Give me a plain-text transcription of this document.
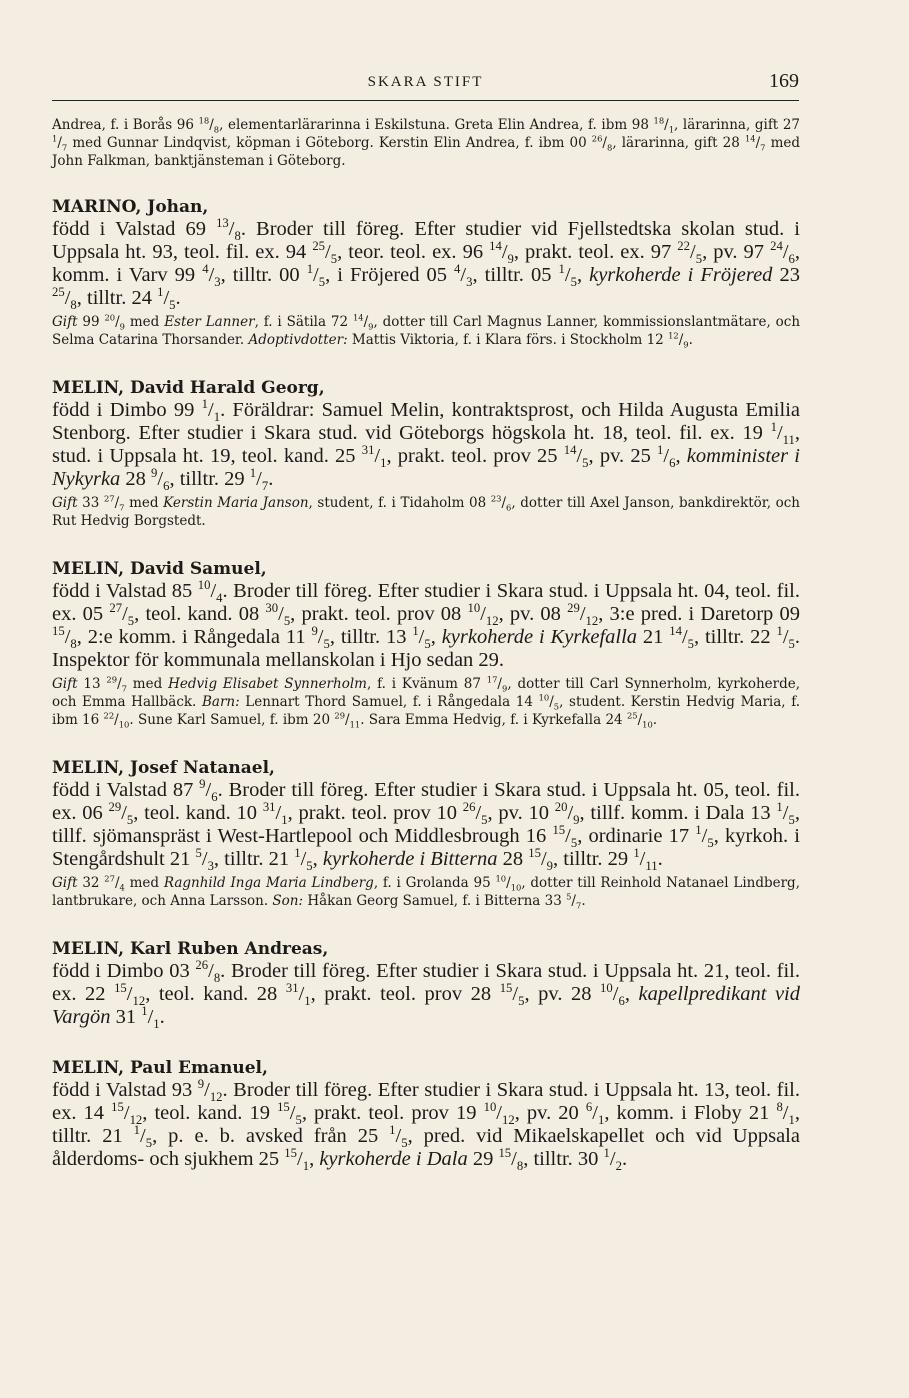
SKARA STIFT	169

Andrea, f. i Borås 96 $^{18}/_8$, elementarlärarinna i Eskilstuna. Greta Elin Andrea, f. ibm 98 $^{18}/_1$, lärarinna, gift 27 $^1/_7$ med Gunnar Lindqvist, köpman i Göteborg. Kerstin Elin Andrea, f. ibm 00 $^{26}/_8$, lärarinna, gift 28 $^{14}/_7$ med John Falkman, banktjänsteman i Göteborg.

MARINO, Johan,

född i Valstad 69 $^{13}/_8$. Broder till föreg. Efter studier vid Fjellstedtska skolan stud. i Uppsala ht. 93, teol. fil. ex. 94 $^{25}/_5$, teor. teol. ex. 96 $^{14}/_9$, prakt. teol. ex. 97 $^{22}/_5$, pv. 97 $^{24}/_6$, komm. i Varv 99 $^4/_3$, tilltr. 00 $^1/_5$, i Fröjered 05 $^4/_3$, tilltr. 05 $^1/_5$, kyrkoherde i Fröjered 23 $^{25}/_8$, tilltr. 24 $^1/_5$.

Gift 99 $^{20}/_9$ med Ester Lanner, f. i Sätila 72 $^{14}/_9$, dotter till Carl Magnus Lanner, kommissionslantmätare, och Selma Catarina Thorsander. Adoptivdotter: Mattis Viktoria, f. i Klara förs. i Stockholm 12 $^{12}/_9$.

MELIN, David Harald Georg,

född i Dimbo 99 $^1/_1$. Föräldrar: Samuel Melin, kontraktsprost, och Hilda Augusta Emilia Stenborg. Efter studier i Skara stud. vid Göteborgs högskola ht. 18, teol. fil. ex. 19 $^1/_{11}$, stud. i Uppsala ht. 19, teol. kand. 25 $^{31}/_1$, prakt. teol. prov 25 $^{14}/_5$, pv. 25 $^1/_6$, komminister i Nykyrka 28 $^9/_6$, tilltr. 29 $^1/_7$.

Gift 33 $^{27}/_7$ med Kerstin Maria Janson, student, f. i Tidaholm 08 $^{23}/_6$, dotter till Axel Janson, bankdirektör, och Rut Hedvig Borgstedt.

MELIN, David Samuel,

född i Valstad 85 $^{10}/_4$. Broder till föreg. Efter studier i Skara stud. i Uppsala ht. 04, teol. fil. ex. 05 $^{27}/_5$, teol. kand. 08 $^{30}/_5$, prakt. teol. prov 08 $^{10}/_{12}$, pv. 08 $^{29}/_{12}$, 3:e pred. i Daretorp 09 $^{15}/_8$, 2:e komm. i Rångedala 11 $^9/_5$, tilltr. 13 $^1/_5$, kyrkoherde i Kyrkefalla 21 $^{14}/_5$, tilltr. 22 $^1/_5$. Inspektor för kommunala mellanskolan i Hjo sedan 29.

Gift 13 $^{29}/_7$ med Hedvig Elisabet Synnerholm, f. i Kvänum 87 $^{17}/_9$, dotter till Carl Synnerholm, kyrkoherde, och Emma Hallbäck. Barn: Lennart Thord Samuel, f. i Rångedala 14 $^{10}/_5$, student. Kerstin Hedvig Maria, f. ibm 16 $^{22}/_{10}$. Sune Karl Samuel, f. ibm 20 $^{29}/_{11}$. Sara Emma Hedvig, f. i Kyrkefalla 24 $^{25}/_{10}$.

MELIN, Josef Natanael,

född i Valstad 87 $^9/_6$. Broder till föreg. Efter studier i Skara stud. i Uppsala ht. 05, teol. fil. ex. 06 $^{29}/_5$, teol. kand. 10 $^{31}/_1$, prakt. teol. prov 10 $^{26}/_5$, pv. 10 $^{20}/_9$, tillf. komm. i Dala 13 $^1/_5$, tillf. sjömanspräst i West-Hartlepool och Middlesbrough 16 $^{15}/_5$, ordinarie 17 $^1/_5$, kyrkoh. i Stengårdshult 21 $^5/_3$, tilltr. 21 $^1/_5$, kyrkoherde i Bitterna 28 $^{15}/_9$, tilltr. 29 $^1/_{11}$.

Gift 32 $^{27}/_4$ med Ragnhild Inga Maria Lindberg, f. i Grolanda 95 $^{10}/_{10}$, dotter till Reinhold Natanael Lindberg, lantbrukare, och Anna Larsson. Son: Håkan Georg Samuel, f. i Bitterna 33 $^5/_7$.

MELIN, Karl Ruben Andreas,

född i Dimbo 03 $^{26}/_8$. Broder till föreg. Efter studier i Skara stud. i Uppsala ht. 21, teol. fil. ex. 22 $^{15}/_{12}$, teol. kand. 28 $^{31}/_1$, prakt. teol. prov 28 $^{15}/_5$, pv. 28 $^{10}/_6$, kapellpredikant vid Vargön 31 $^1/_1$.

MELIN, Paul Emanuel,

född i Valstad 93 $^9/_{12}$. Broder till föreg. Efter studier i Skara stud. i Uppsala ht. 13, teol. fil. ex. 14 $^{15}/_{12}$, teol. kand. 19 $^{15}/_5$, prakt. teol. prov 19 $^{10}/_{12}$, pv. 20 $^6/_1$, komm. i Floby 21 $^8/_1$, tilltr. 21 $^1/_5$, p. e. b. avsked från 25 $^1/_5$, pred. vid Mikaelskapellet och vid Uppsala ålderdoms- och sjukhem 25 $^{15}/_1$, kyrkoherde i Dala 29 $^{15}/_8$, tilltr. 30 $^1/_2$.
